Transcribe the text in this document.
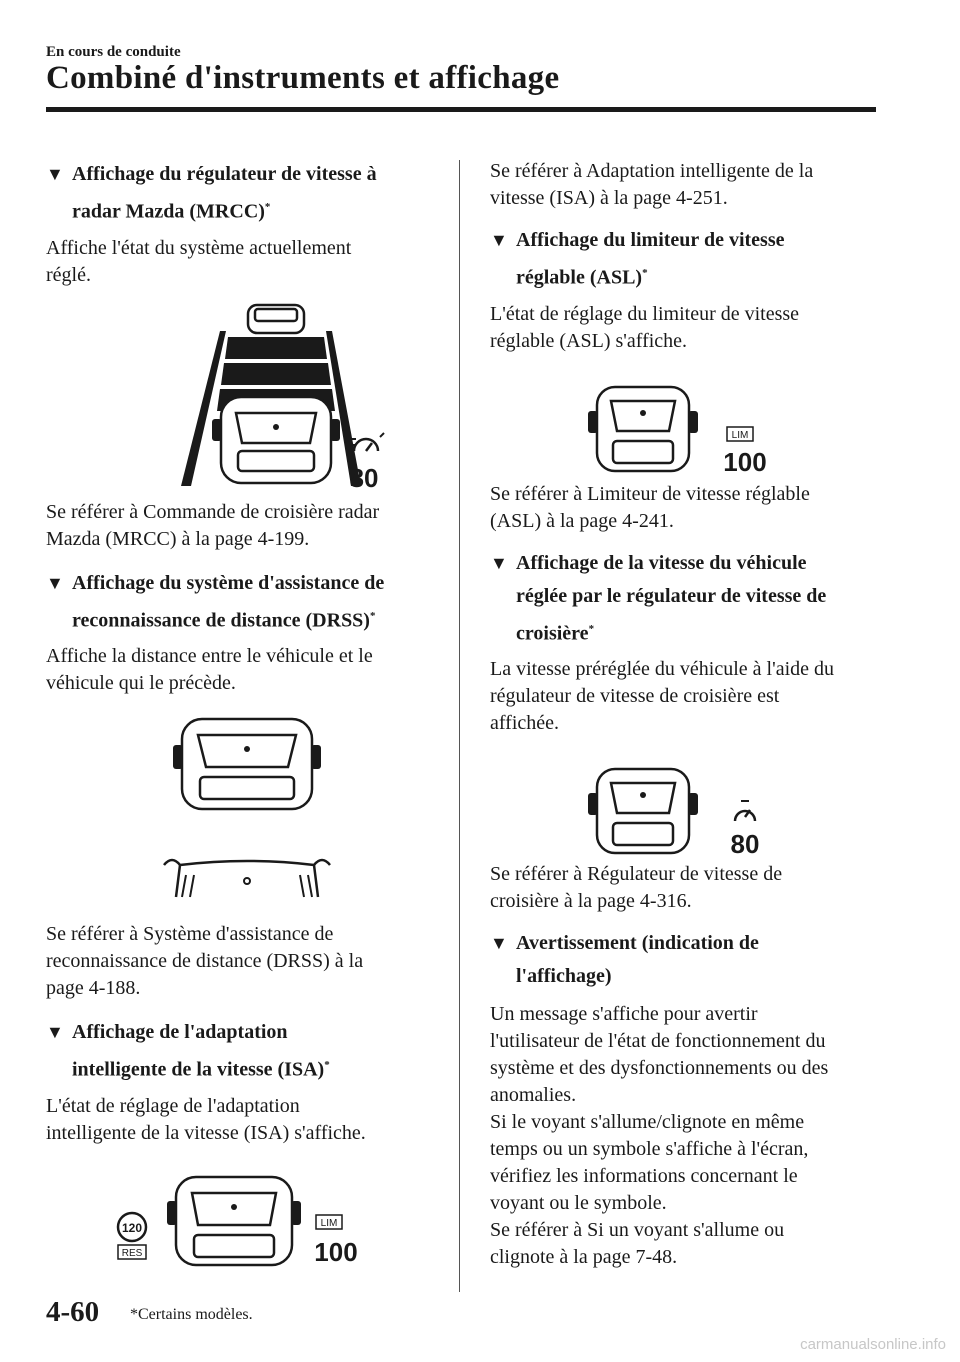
En cours de conduite
Combiné d'instruments et affichage
▼ Affichage du régulateur de vitesse à
radar Mazda (MRCC)*

Affiche l'état du système actuellement
réglé.

80

Se référer à Commande de croisière radar
Mazda (MRCC) à la page 4-199.

▼ Affichage du système d'assistance de
reconnaissance de distance (DRSS)*

Affiche la distance entre le véhicule et le
véhicule qui le précède.

Se référer à Système d'assistance de
reconnaissance de distance (DRSS) à la
page 4-188.

▼ Affichage de l'adaptation
intelligente de la vitesse (ISA)*

L'état de réglage de l'adaptation
intelligente de la vitesse (ISA) s'affiche.

120
RES
LIM
100

Se référer à Adaptation intelligente de la
vitesse (ISA) à la page 4-251.

▼ Affichage du limiteur de vitesse
réglable (ASL)*

L'état de réglage du limiteur de vitesse
réglable (ASL) s'affiche.

LIM
100

Se référer à Limiteur de vitesse réglable
(ASL) à la page 4-241.

▼ Affichage de la vitesse du véhicule
réglée par le régulateur de vitesse de
croisière*

La vitesse préréglée du véhicule à l'aide du
régulateur de vitesse de croisière est
affichée.

80

Se référer à Régulateur de vitesse de
croisière à la page 4-316.

▼ Avertissement (indication de
l'affichage)

Un message s'affiche pour avertir
l'utilisateur de l'état de fonctionnement du
système et des dysfonctionnements ou des
anomalies.
Si le voyant s'allume/clignote en même
temps ou un symbole s'affiche à l'écran,
vérifiez les informations concernant le
voyant ou le symbole.
Se référer à Si un voyant s'allume ou
clignote à la page 7-48.

4-60 *Certains modèles.
carmanualsonline.info
